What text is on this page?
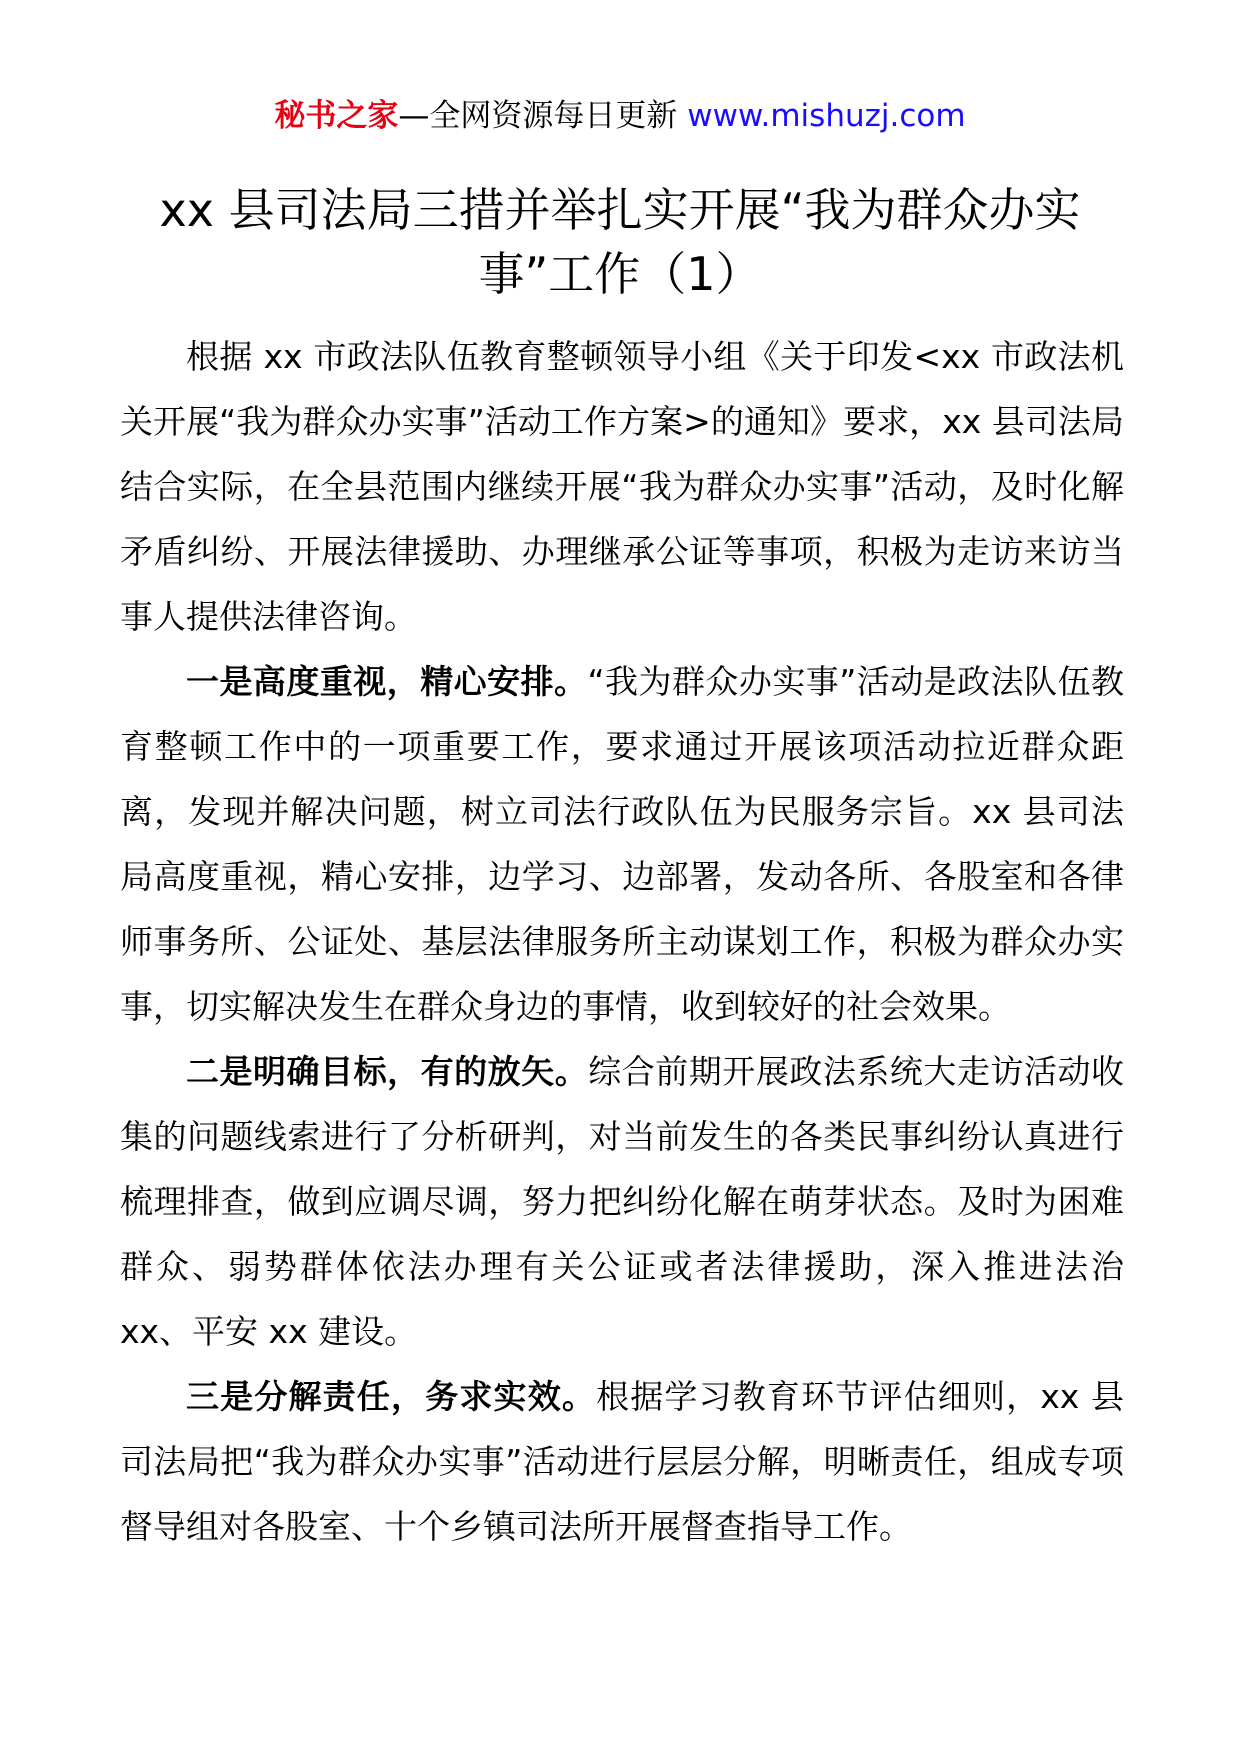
秘书之家—全网资源每日更新 www.mishuzj.com
xx 县司法局三措并举扎实开展“我为群众办实事”工作（1）

根据 xx 市政法队伍教育整顿领导小组《关于印发<xx 市政法机关开展“我为群众办实事”活动工作方案>的通知》要求，xx 县司法局结合实际，在全县范围内继续开展“我为群众办实事”活动，及时化解矛盾纠纷、开展法律援助、办理继承公证等事项，积极为走访来访当事人提供法律咨询。

一是高度重视，精心安排。“我为群众办实事”活动是政法队伍教育整顿工作中的一项重要工作，要求通过开展该项活动拉近群众距离，发现并解决问题，树立司法行政队伍为民服务宗旨。xx 县司法局高度重视，精心安排，边学习、边部署，发动各所、各股室和各律师事务所、公证处、基层法律服务所主动谋划工作，积极为群众办实事，切实解决发生在群众身边的事情，收到较好的社会效果。

二是明确目标，有的放矢。综合前期开展政法系统大走访活动收集的问题线索进行了分析研判，对当前发生的各类民事纠纷认真进行梳理排查，做到应调尽调，努力把纠纷化解在萌芽状态。及时为困难群众、弱势群体依法办理有关公证或者法律援助，深入推进法治 xx、平安 xx 建设。

三是分解责任，务求实效。根据学习教育环节评估细则，xx 县司法局把“我为群众办实事”活动进行层层分解，明晰责任，组成专项督导组对各股室、十个乡镇司法所开展督查指导工作。
